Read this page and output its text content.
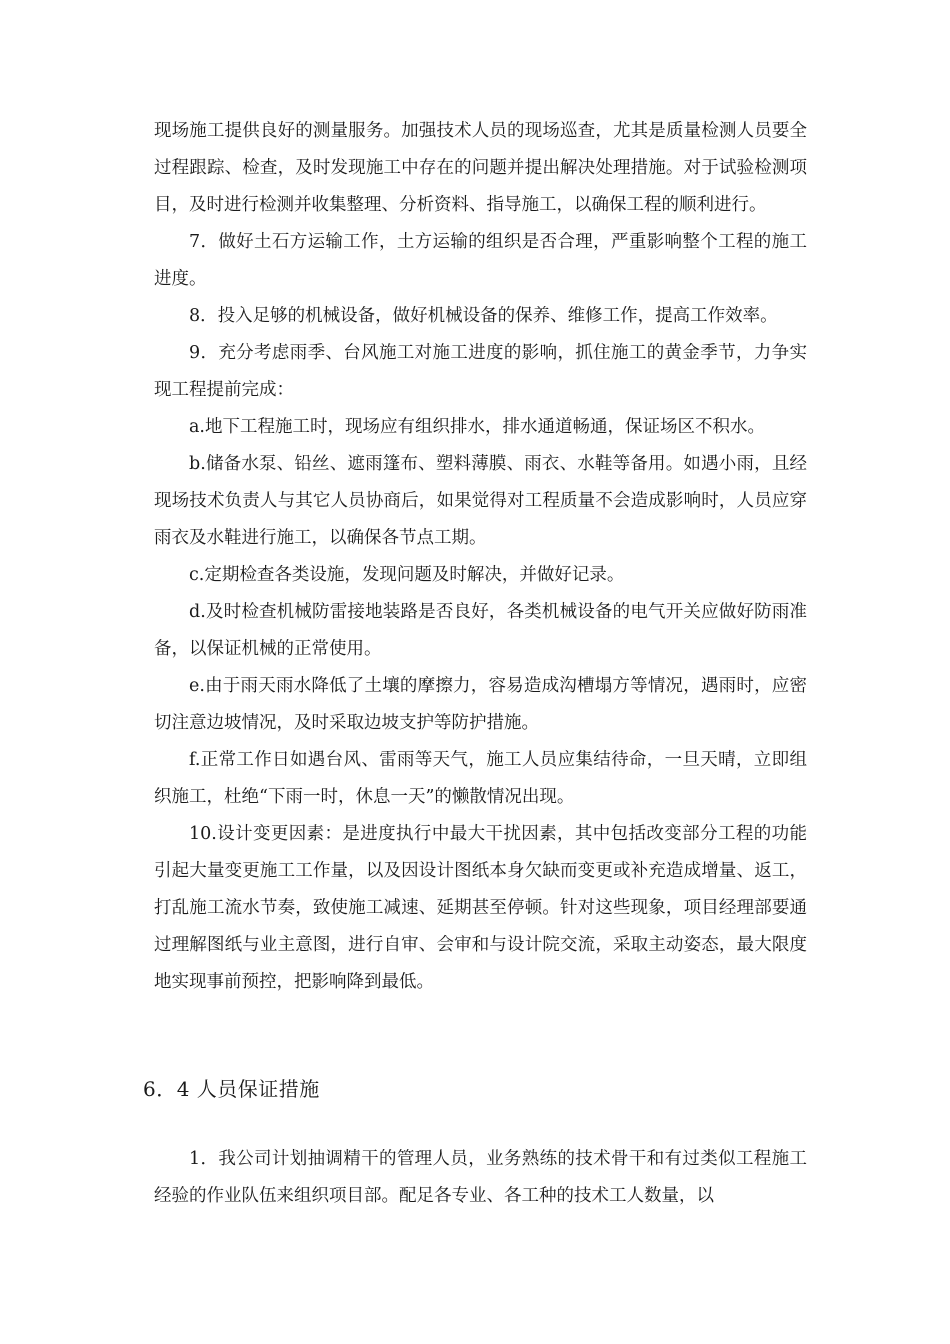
现场施工提供良好的测量服务。加强技术人员的现场巡查，尤其是质量检测人员要全过程跟踪、检查，及时发现施工中存在的问题并提出解决处理措施。对于试验检测项目，及时进行检测并收集整理、分析资料、指导施工，以确保工程的顺利进行。

7．做好土石方运输工作，土方运输的组织是否合理，严重影响整个工程的施工进度。

8．投入足够的机械设备，做好机械设备的保养、维修工作，提高工作效率。

9．充分考虑雨季、台风施工对施工进度的影响，抓住施工的黄金季节，力争实现工程提前完成：

a.地下工程施工时，现场应有组织排水，排水通道畅通，保证场区不积水。

b.储备水泵、铅丝、遮雨篷布、塑料薄膜、雨衣、水鞋等备用。如遇小雨，且经现场技术负责人与其它人员协商后，如果觉得对工程质量不会造成影响时，人员应穿雨衣及水鞋进行施工，以确保各节点工期。

c.定期检查各类设施，发现问题及时解决，并做好记录。

d.及时检查机械防雷接地装路是否良好，各类机械设备的电气开关应做好防雨准备，以保证机械的正常使用。

e.由于雨天雨水降低了土壤的摩擦力，容易造成沟槽塌方等情况，遇雨时，应密切注意边坡情况，及时采取边坡支护等防护措施。

f.正常工作日如遇台风、雷雨等天气，施工人员应集结待命，一旦天晴，立即组织施工，杜绝“下雨一时，休息一天”的懒散情况出现。

10.设计变更因素：是进度执行中最大干扰因素，其中包括改变部分工程的功能引起大量变更施工工作量，以及因设计图纸本身欠缺而变更或补充造成增量、返工，打乱施工流水节奏，致使施工减速、延期甚至停顿。针对这些现象，项目经理部要通过理解图纸与业主意图，进行自审、会审和与设计院交流，采取主动姿态，最大限度地实现事前预控，把影响降到最低。

6．4 人员保证措施

1．我公司计划抽调精干的管理人员，业务熟练的技术骨干和有过类似工程施工经验的作业队伍来组织项目部。配足各专业、各工种的技术工人数量，以
